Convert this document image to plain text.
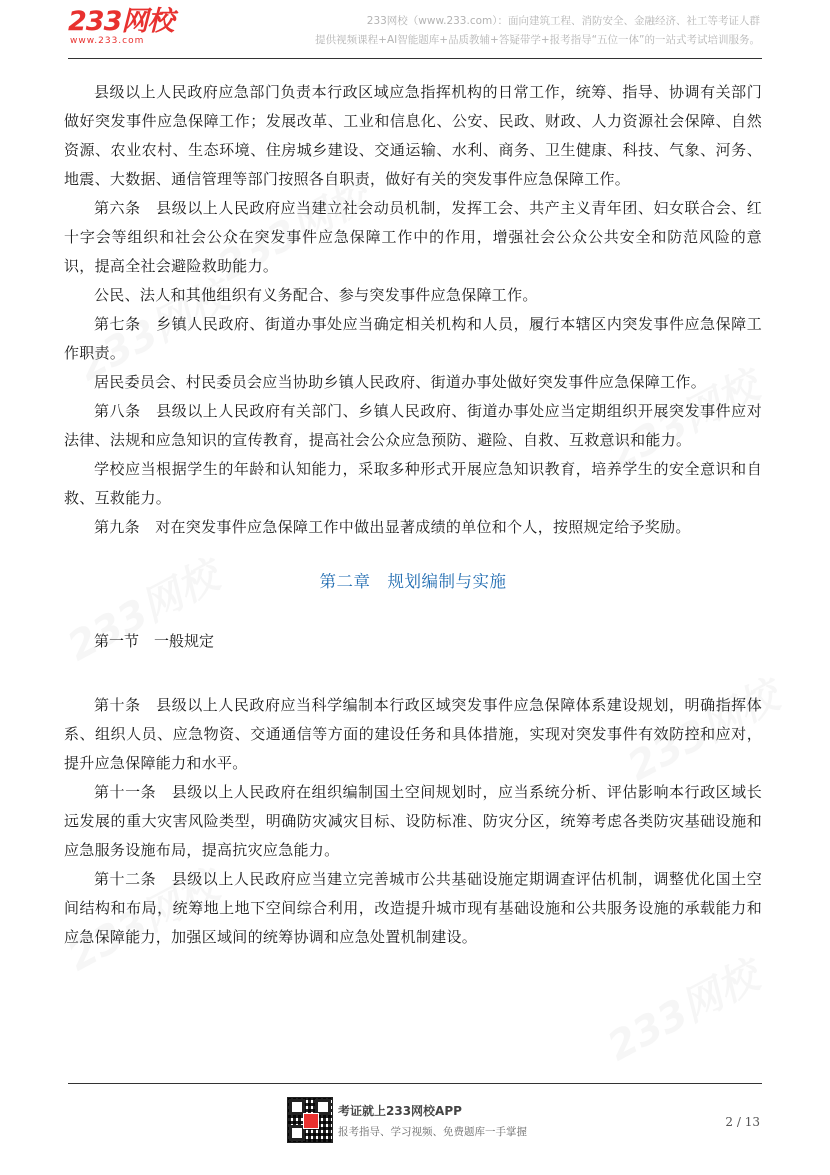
233网校
www.233.com
233网校（www.233.com）：面向建筑工程、消防安全、金融经济、社工等考证人群
提供视频课程+AI智能题库+品质教辅+答疑带学+报考指导“五位一体”的一站式考试培训服务。

县级以上人民政府应急部门负责本行政区域应急指挥机构的日常工作，统筹、指导、协调有关部门做好突发事件应急保障工作；发展改革、工业和信息化、公安、民政、财政、人力资源社会保障、自然资源、农业农村、生态环境、住房城乡建设、交通运输、水利、商务、卫生健康、科技、气象、河务、地震、大数据、通信管理等部门按照各自职责，做好有关的突发事件应急保障工作。

第六条　县级以上人民政府应当建立社会动员机制，发挥工会、共产主义青年团、妇女联合会、红十字会等组织和社会公众在突发事件应急保障工作中的作用，增强社会公众公共安全和防范风险的意识，提高全社会避险救助能力。

公民、法人和其他组织有义务配合、参与突发事件应急保障工作。

第七条　乡镇人民政府、街道办事处应当确定相关机构和人员，履行本辖区内突发事件应急保障工作职责。

居民委员会、村民委员会应当协助乡镇人民政府、街道办事处做好突发事件应急保障工作。

第八条　县级以上人民政府有关部门、乡镇人民政府、街道办事处应当定期组织开展突发事件应对法律、法规和应急知识的宣传教育，提高社会公众应急预防、避险、自救、互救意识和能力。

学校应当根据学生的年龄和认知能力，采取多种形式开展应急知识教育，培养学生的安全意识和自救、互救能力。

第九条　对在突发事件应急保障工作中做出显著成绩的单位和个人，按照规定给予奖励。

第二章　规划编制与实施
第一节　一般规定

第十条　县级以上人民政府应当科学编制本行政区域突发事件应急保障体系建设规划，明确指挥体系、组织人员、应急物资、交通通信等方面的建设任务和具体措施，实现对突发事件有效防控和应对，提升应急保障能力和水平。

第十一条　县级以上人民政府在组织编制国土空间规划时，应当系统分析、评估影响本行政区域长远发展的重大灾害风险类型，明确防灾减灾目标、设防标准、防灾分区，统筹考虑各类防灾基础设施和应急服务设施布局，提高抗灾应急能力。

第十二条　县级以上人民政府应当建立完善城市公共基础设施定期调查评估机制，调整优化国土空间结构和布局，统筹地上地下空间综合利用，改造提升城市现有基础设施和公共服务设施的承载能力和应急保障能力，加强区域间的统筹协调和应急处置机制建设。

考证就上233网校APP
报考指导、学习视频、免费题库一手掌握
2 / 13
